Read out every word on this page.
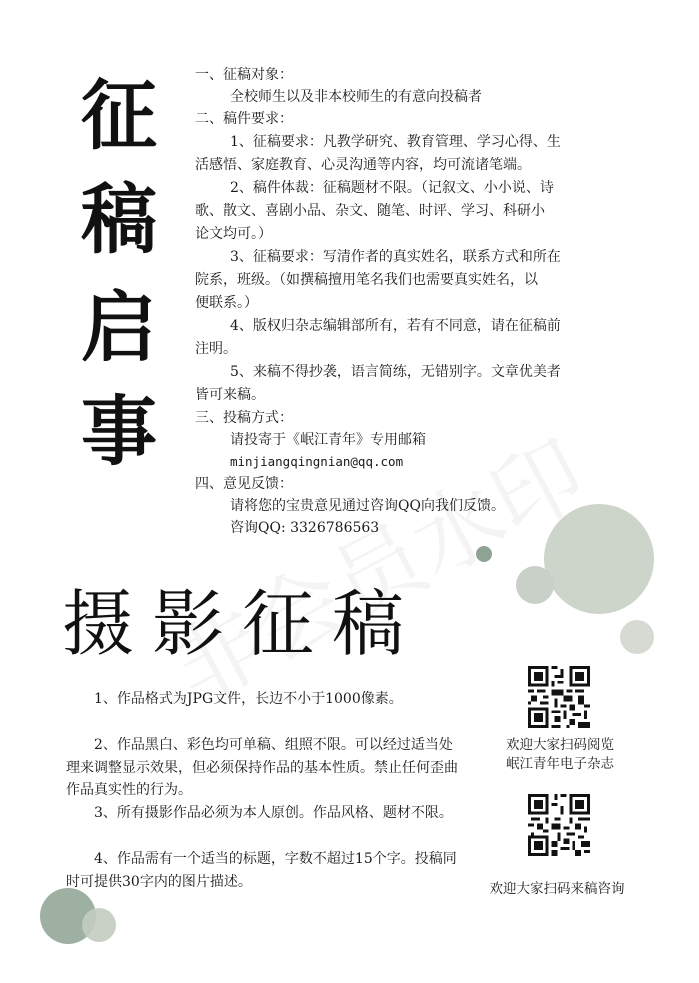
征
稿
启
事
一、征稿对象：
全校师生以及非本校师生的有意向投稿者
二、稿件要求：
1、征稿要求：凡教学研究、教育管理、学习心得、生
活感悟、家庭教育、心灵沟通等内容，均可流诸笔端。
2、稿件体裁：征稿题材不限。（记叙文、小小说、诗
歌、散文、喜剧小品、杂文、随笔、时评、学习、科研小
论文均可。）
3、征稿要求：写清作者的真实姓名，联系方式和所在
院系，班级。（如撰稿擅用笔名我们也需要真实姓名，以
便联系。）
4、版权归杂志编辑部所有，若有不同意，请在征稿前
注明。
5、来稿不得抄袭，语言简练，无错别字。文章优美者
皆可来稿。
三、投稿方式：
请投寄于《岷江青年》专用邮箱
minjiangqingnian@qq.com
四、意见反馈：
请将您的宝贵意见通过咨询QQ向我们反馈。
咨询QQ: 3326786563
摄影征稿
1、作品格式为JPG文件，长边不小于1000像素。
2、作品黑白、彩色均可单稿、组照不限。可以经过适当处理来调整显示效果，但必须保持作品的基本性质。禁止任何歪曲作品真实性的行为。
3、所有摄影作品必须为本人原创。作品风格、题材不限。
4、作品需有一个适当的标题，字数不超过15个字。投稿同时可提供30字内的图片描述。
欢迎大家扫码阅览
岷江青年电子杂志
欢迎大家扫码来稿咨询
